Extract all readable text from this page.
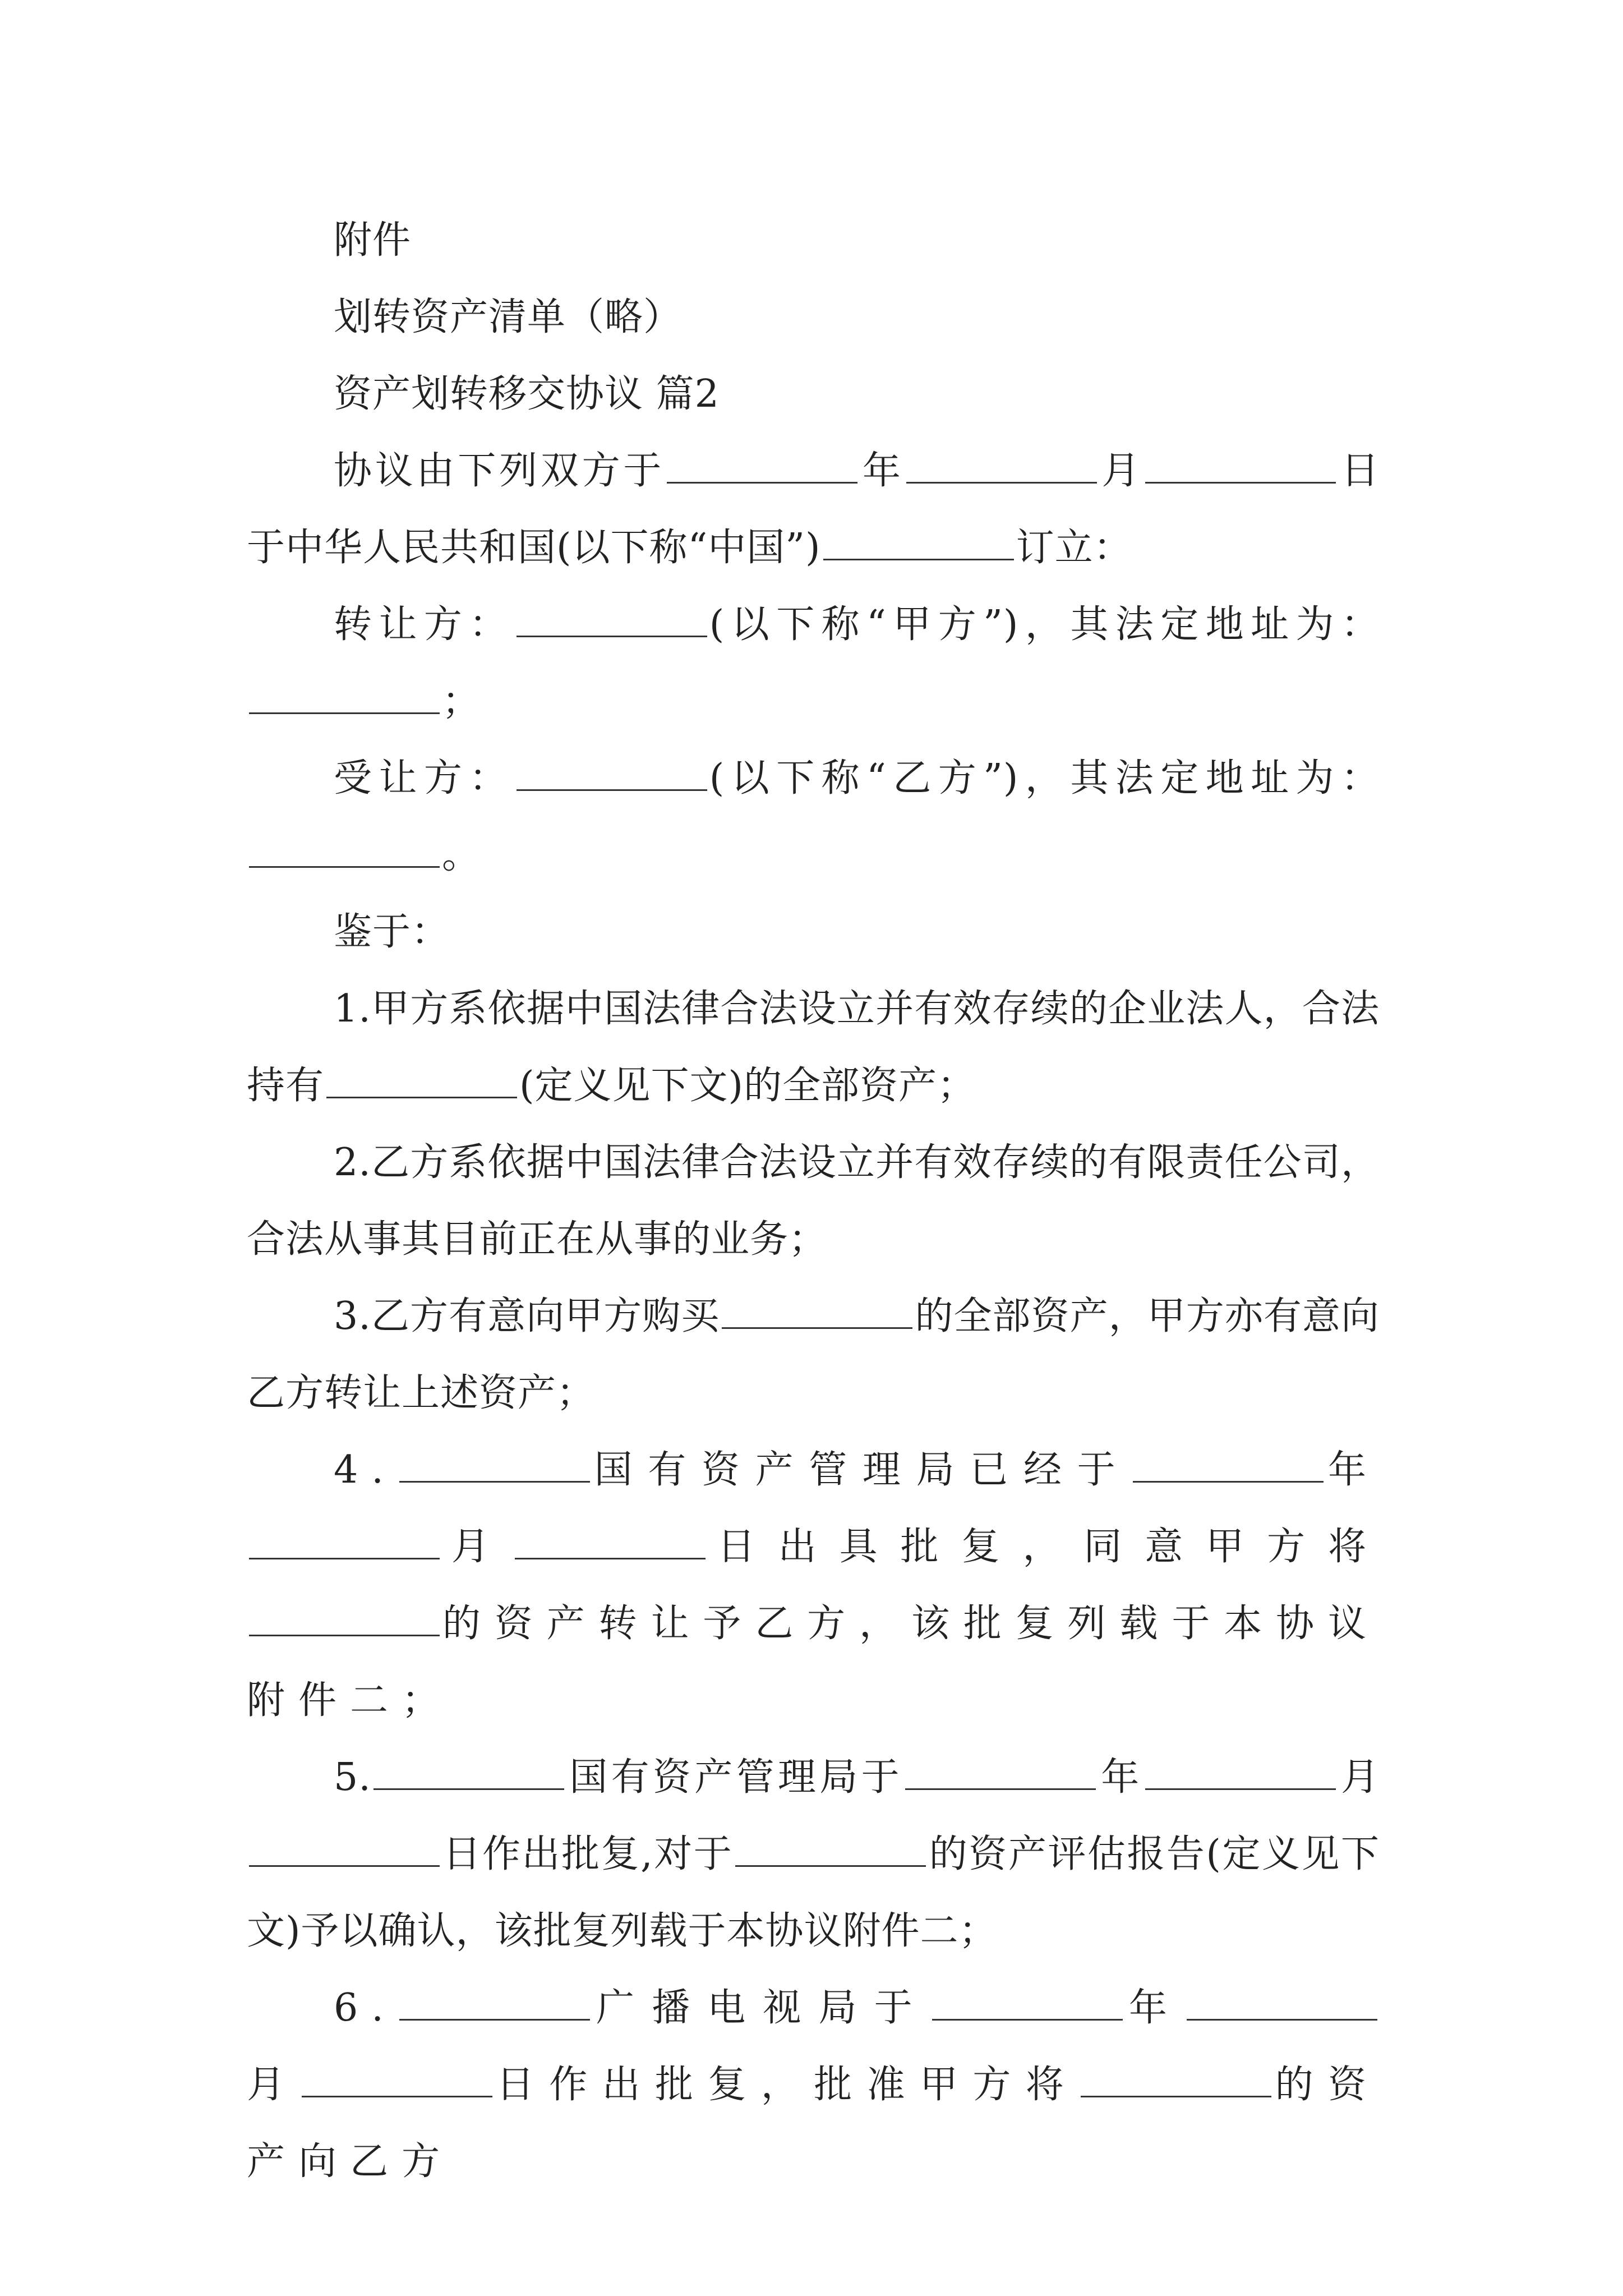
附件

划转资产清单（略）

资产划转移交协议 篇2

协议由下列双方于	年	月	日于中华人民共和国(以下称“中国”)	订立：

转让方：	(以下称“甲方”)，其法定地址为：；

受让方：	(以下称“乙方”)，其法定地址为：。

鉴于：

1.甲方系依据中国法律合法设立并有效存续的企业法人，合法持有	(定义见下文)的全部资产；

2.乙方系依据中国法律合法设立并有效存续的有限责任公司，合法从事其目前正在从事的业务；

3.乙方有意向甲方购买	的全部资产，甲方亦有意向乙方转让上述资产；

4.	国有资产管理局已经于	年月	日出具批复，同意甲方将的资产转让予乙方，该批复列载于本协议附件二；

5.	国有资产管理局于	年	月日作出批复,对于	的资产评估报告(定义见下文)予以确认，该批复列载于本协议附件二；

6.	广播电视局于	年月	日作出批复，批准甲方将	的资产向乙方
